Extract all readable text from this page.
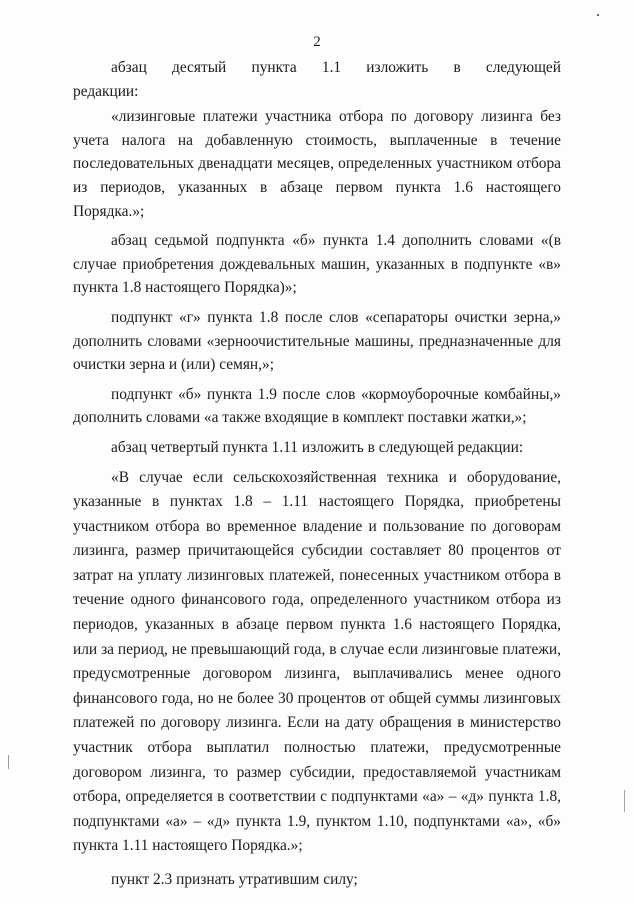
2

абзац десятый пункта 1.1 изложить в следующей редакции:

«лизинговые платежи участника отбора по договору лизинга без учета налога на добавленную стоимость, выплаченные в течение последовательных двенадцати месяцев, определенных участником отбора из периодов, указанных в абзаце первом пункта 1.6 настоящего Порядка.»;

абзац седьмой подпункта «б» пункта 1.4 дополнить словами «(в случае приобретения дождевальных машин, указанных в подпункте «в» пункта 1.8 настоящего Порядка)»;

подпункт «г» пункта 1.8 после слов «сепараторы очистки зерна,» дополнить словами «зерноочистительные машины, предназначенные для очистки зерна и (или) семян,»;

подпункт «б» пункта 1.9 после слов «кормоуборочные комбайны,» дополнить словами «а также входящие в комплект поставки жатки,»;

абзац четвертый пункта 1.11 изложить в следующей редакции:

«В случае если сельскохозяйственная техника и оборудование, указанные в пунктах 1.8 – 1.11 настоящего Порядка, приобретены участником отбора во временное владение и пользование по договорам лизинга, размер причитающейся субсидии составляет 80 процентов от затрат на уплату лизинговых платежей, понесенных участником отбора в течение одного финансового года, определенного участником отбора из периодов, указанных в абзаце первом пункта 1.6 настоящего Порядка, или за период, не превышающий года, в случае если лизинговые платежи, предусмотренные договором лизинга, выплачивались менее одного финансового года, но не более 30 процентов от общей суммы лизинговых платежей по договору лизинга. Если на дату обращения в министерство участник отбора выплатил полностью платежи, предусмотренные договором лизинга, то размер субсидии, предоставляемой участникам отбора, определяется в соответствии с подпунктами «а» – «д» пункта 1.8, подпунктами «а» – «д» пункта 1.9, пунктом 1.10, подпунктами «а», «б» пункта 1.11 настоящего Порядка.»;

пункт 2.3 признать утратившим силу;
